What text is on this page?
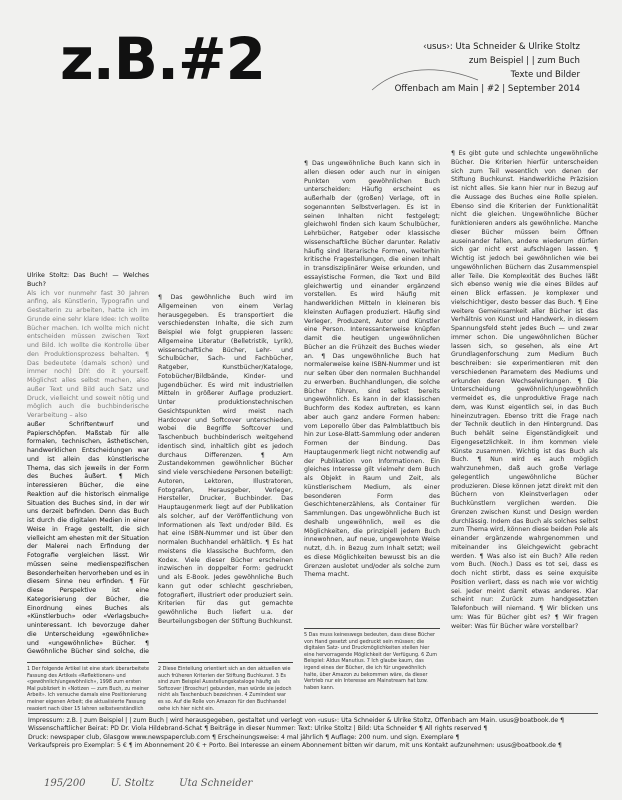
z.B.#2	‹usus›: Uta Schneider & Ulrike Stoltz
zum Beispiel | | zum Buch
Texte und Bilder
Offenbach am Main | #2 | September 2014

Ulrike Stoltz: Das Buch! — Welches Buch?

Als ich vor nunmehr fast 30 Jahren anfing, als Künstlerin, Typografin und Gestalterin zu arbeiten, hatte ich im Grunde eine sehr klare Idee: Ich wollte Bücher machen. Ich wollte mich nicht entscheiden müssen zwischen Text und Bild. Ich wollte die Kontrolle über den Produktionsprozess behalten. ¶ Das bedeutete (damals schon) und immer noch) DIY: do it yourself. Möglichst alles selbst machen, also außer Text und Bild auch Satz und Druck, vielleicht und soweit nötig und möglich auch die buchbinderische Verarbeitung – also

außer Schriftentwurf und Papierschöpfen. Maßstab für alle formalen, technischen, ästhetischen, handwerklichen Entscheidungen war und ist allein das künstlerische Thema, das sich jeweils in der Form des Buches äußert. ¶ Mich interessieren Bücher, die eine Reaktion auf die historisch einmalige Situation des Buches sind, in der wir uns derzeit befinden. Denn das Buch ist durch die digitalen Medien in einer Weise in Frage gestellt, die sich vielleicht am ehesten mit der Situation der Malerei nach Erfindung der Fotografie vergleichen lässt. Wir müssen seine medienspezifischen Besonderheiten hervorheben und es in diesem Sinne neu erfinden. ¶ Für diese Perspektive ist eine Kategorisierung der Bücher, die Einordnung eines Buches als «Künstlerbuch» oder «Verlagsbuch» uninteressant. Ich bevorzuge daher die Unterscheidung «gewöhnliche» und «ungewöhnliche» Bücher. ¶ Gewöhnliche Bücher sind solche, die

¶ Das gewöhnliche Buch wird im Allgemeinen von einem Verlag herausgegeben. Es transportiert die verschiedensten Inhalte, die sich zum Beispiel wie folgt gruppieren lassen: Allgemeine Literatur (Belletristik, Lyrik), wissenschaftliche Bücher, Lehr- und Schulbücher, Sach- und Fachbücher, Ratgeber, Kunstbücher/Kataloge, Fotobücher/Bildbände, Kinder- und Jugendbücher. Es wird mit industriellen Mitteln in größerer Auflage produziert. Unter produktionstechnischen Gesichtspunkten wird meist nach Hardcover und Softcover unterschieden, wobei die Begriffe Softcover und Taschenbuch buchbinderisch weitgehend identisch sind, inhaltlich gibt es jedoch durchaus Differenzen. ¶ Am Zustandekommen gewöhnlicher Bücher sind viele verschiedene Personen beteiligt: Autoren, Lektoren, Illustratoren, Fotografen, Herausgeber, Verleger, Hersteller, Drucker, Buchbinder. Das Hauptaugenmerk liegt auf der Publikation als solcher, auf der Veröffentlichung von Informationen als Text und/oder Bild. Es hat eine ISBN-Nummer und ist über den normalen Buchhandel erhältlich. ¶ Es hat meistens die klassische Buchform, den Kodex. Viele dieser Bücher erscheinen inzwischen in doppelter Form: gedruckt und als E-Book. Jedes gewöhnliche Buch kann gut oder schlecht geschrieben, fotografiert, illustriert oder produziert sein. Kriterien für das gut gemachte gewöhnliche Buch liefert u.a. der Beurteilungsbogen der Stiftung Buchkunst.

¶ Das ungewöhnliche Buch kann sich in allen diesen oder auch nur in einigen Punkten vom gewöhnlichen Buch unterscheiden: Häufig erscheint es außerhalb der (großen) Verlage, oft in sogenannten Selbstverlagen. Es ist in seinen Inhalten nicht festgelegt; gleichwohl finden sich kaum Schulbücher, Lehrbücher, Ratgeber oder klassische wissenschaftliche Bücher darunter. Relativ häufig sind literarische Formen, weiterhin kritische Fragestellungen, die einen Inhalt in transdisziplinärer Weise erkunden, und essayistische Formen, die Text und Bild gleichwertig und einander ergänzend vorstellen. Es wird häufig mit handwerklichen Mitteln in kleineren bis kleinsten Auflagen produziert. Häufig sind Verleger, Produzent, Autor und Künstler eine Person. Interessanterweise knüpfen damit die heutigen ungewöhnlichen Bücher an die Frühzeit des Buches wieder an. ¶ Das ungewöhnliche Buch hat normalerweise keine ISBN-Nummer und ist nur selten über den normalen Buchhandel zu erwerben. Buchhandlungen, die solche Bücher führen, sind selbst bereits ungewöhnlich. Es kann in der klassischen Buchform des Kodex auftreten, es kann aber auch ganz andere Formen haben: vom Leporello über das Palmblattbuch bis hin zur Lose-Blatt-Sammlung oder anderen Formen der Bindung. Das Hauptaugenmerk liegt nicht notwendig auf der Publikation von Informationen. Ein gleiches Interesse gilt vielmehr dem Buch als Objekt in Raum und Zeit, als künstlerischem Medium, als einer besonderen Form des Geschichtenerzählens, als Container für Sammlungen. Das ungewöhnliche Buch ist deshalb ungewöhnlich, weil es die Möglichkeiten, die prinzipiell jedem Buch innewohnen, auf neue, ungewohnte Weise nutzt, d.h. in Bezug zum Inhalt setzt; weil es diese Möglichkeiten bewusst bis an die Grenzen auslotet und/oder als solche zum Thema macht.

¶ Es gibt gute und schlechte ungewöhnliche Bücher. Die Kriterien hierfür unterscheiden sich zum Teil wesentlich von denen der Stiftung Buchkunst. Handwerkliche Präzision ist nicht alles. Sie kann hier nur in Bezug auf die Aussage des Buches eine Rolle spielen. Ebenso sind die Kriterien der Funktionalität nicht die gleichen. Ungewöhnliche Bücher funktionieren anders als gewöhnliche. Manche dieser Bücher müssen beim Öffnen auseinander fallen, andere wiederum dürfen sich gar nicht erst aufschlagen lassen. ¶ Wichtig ist jedoch bei gewöhnlichen wie bei ungewöhnlichen Büchern das Zusammenspiel aller Teile. Die Komplexität des Buches läßt sich ebenso wenig wie die eines Bildes auf einen Blick erfassen. Je komplexer und vielschichtiger, desto besser das Buch. ¶ Eine weitere Gemeinsamkeit aller Bücher ist das Verhältnis von Kunst und Handwerk, in diesem Spannungsfeld steht jedes Buch — und zwar immer schon. Die ungewöhnlichen Bücher lassen sich, so gesehen, als eine Art Grundlagenforschung zum Medium Buch beschreiben: sie experimentieren mit den verschiedenen Parametern des Mediums und erkunden deren Wechselwirkungen. ¶ Die Unterscheidung gewöhnlich/ungewöhnlich vermeidet es, die unproduktive Frage nach dem, was Kunst eigentlich sei, in das Buch hineinzutragen. Ebenso tritt die Frage nach der Technik deutlich in den Hintergrund. Das Buch behält seine Eigenständigkeit und Eigengesetzlichkeit. In ihm kommen viele Künste zusammen. Wichtig ist das Buch als Buch. ¶ Nun wird es auch möglich wahrzunehmen, daß auch große Verlage gelegentlich ungewöhnliche Bücher produzieren. Diese können jetzt direkt mit den Büchern von Kleinstverlagen oder Buchkünstlern verglichen werden. Die Grenzen zwischen Kunst und Design werden durchlässig. Indem das Buch als solches selbst zum Thema wird, können diese beiden Pole als einander ergänzende wahrgenommen und miteinander ins Gleichgewicht gebracht werden. ¶ Was also ist ein Buch? Alle reden vom Buch. (Noch.) Dass es tot sei, dass es doch nicht stirbt, dass es seine exquisite Position verliert, dass es nach wie vor wichtig sei. Jeder meint damit etwas anderes. Klar scheint nur: Zurück zum handgesetzten Telefonbuch will niemand. ¶ Wir blicken uns um: Was für Bücher gibt es? ¶ Wir fragen weiter: Was für Bücher wäre vorstellbar?

1 Der folgende Artikel ist eine stark überarbeitete Fassung des Artikels «Reflektionen» und «gewöhnlich/ungewöhnlich», 1998 zum ersten Mal publiziert in «Notizen — zum Buch, zu meiner Arbeit». Ich versuche damals eine Positionierung meiner eigenen Arbeit; die aktualisierte Fassung reagiert nach über 15 Jahren selbstverständlich

2 Diese Einteilung orientiert sich an den aktuellen wie auch früheren Kriterien der Stiftung Buchkunst. 3 Es sind zum Beispiel Ausstellungskataloge häufig als Softcover (Broschur) gebunden, man würde sie jedoch nicht als Taschenbuch bezeichnen. 4 Zumindest war es so. Auf die Rolle von Amazon für den Buchhandel gehe ich hier nicht ein.

5 Das muss keineswegs bedeuten, dass diese Bücher von Hand gesetzt und gedruckt sein müssen; die digitalen Satz- und Druckmöglichkeiten stellen hier eine hervorragende Möglichkeit der Verfügung. 6 Zum Beispiel: Aldus Manutius. 7 Ich glaube kaum, das irgend eines der Bücher, die ich für ungewöhnlich halte, über Amazon zu bekommen wäre, da dieser Vertrieb nur ein Interesse am Mainstream hat bzw. haben kann.

Impressum: z.B. | zum Beispiel | | zum Buch | wird herausgegeben, gestaltet und verlegt von ‹usus›: Uta Schneider & Ulrike Stoltz, Offenbach am Main. usus@boatbook.de ¶

Wissenschaftlicher Beirat: PD Dr. Viola Hildebrand-Schat ¶ Beiträge in dieser Nummer: Text: Ulrike Stoltz | Bild: Uta Schneider ¶ All rights reserved ¶

Druck: newspaper club, Glasgow www.newspaperclub.com ¶ Erscheinungsweise: 4 mal jährlich ¶ Auflage: 200 num. und sign. Exemplare ¶

Verkaufspreis pro Exemplar: 5 € ¶ im Abonnement 20 € + Porto. Bei Interesse an einem Abonnement bitten wir darum, mit uns Kontakt aufzunehmen: usus@boatbook.de ¶

195/200	U. Stoltz	Uta Schneider
